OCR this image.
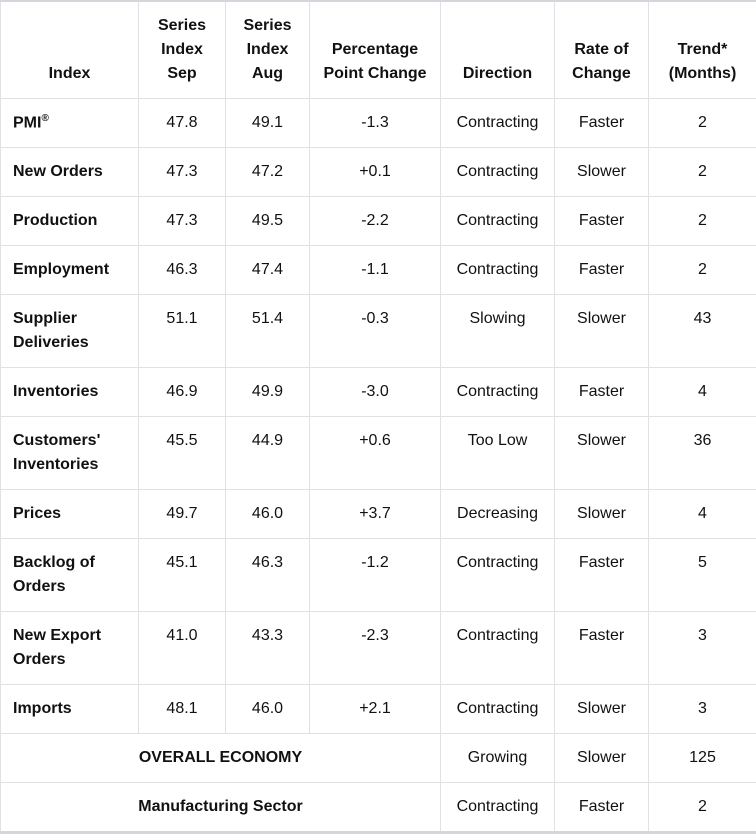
Index	Series Index Sep	Series Index Aug	Percentage Point Change	Direction	Rate of Change	Trend* (Months)
PMI®	47.8	49.1	-1.3	Contracting	Faster	2
New Orders	47.3	47.2	+0.1	Contracting	Slower	2
Production	47.3	49.5	-2.2	Contracting	Faster	2
Employment	46.3	47.4	-1.1	Contracting	Faster	2
Supplier Deliveries	51.1	51.4	-0.3	Slowing	Slower	43
Inventories	46.9	49.9	-3.0	Contracting	Faster	4
Customers' Inventories	45.5	44.9	+0.6	Too Low	Slower	36
Prices	49.7	46.0	+3.7	Decreasing	Slower	4
Backlog of Orders	45.1	46.3	-1.2	Contracting	Faster	5
New Export Orders	41.0	43.3	-2.3	Contracting	Faster	3
Imports	48.1	46.0	+2.1	Contracting	Slower	3
OVERALL ECONOMY				Growing	Slower	125
Manufacturing Sector				Contracting	Faster	2
